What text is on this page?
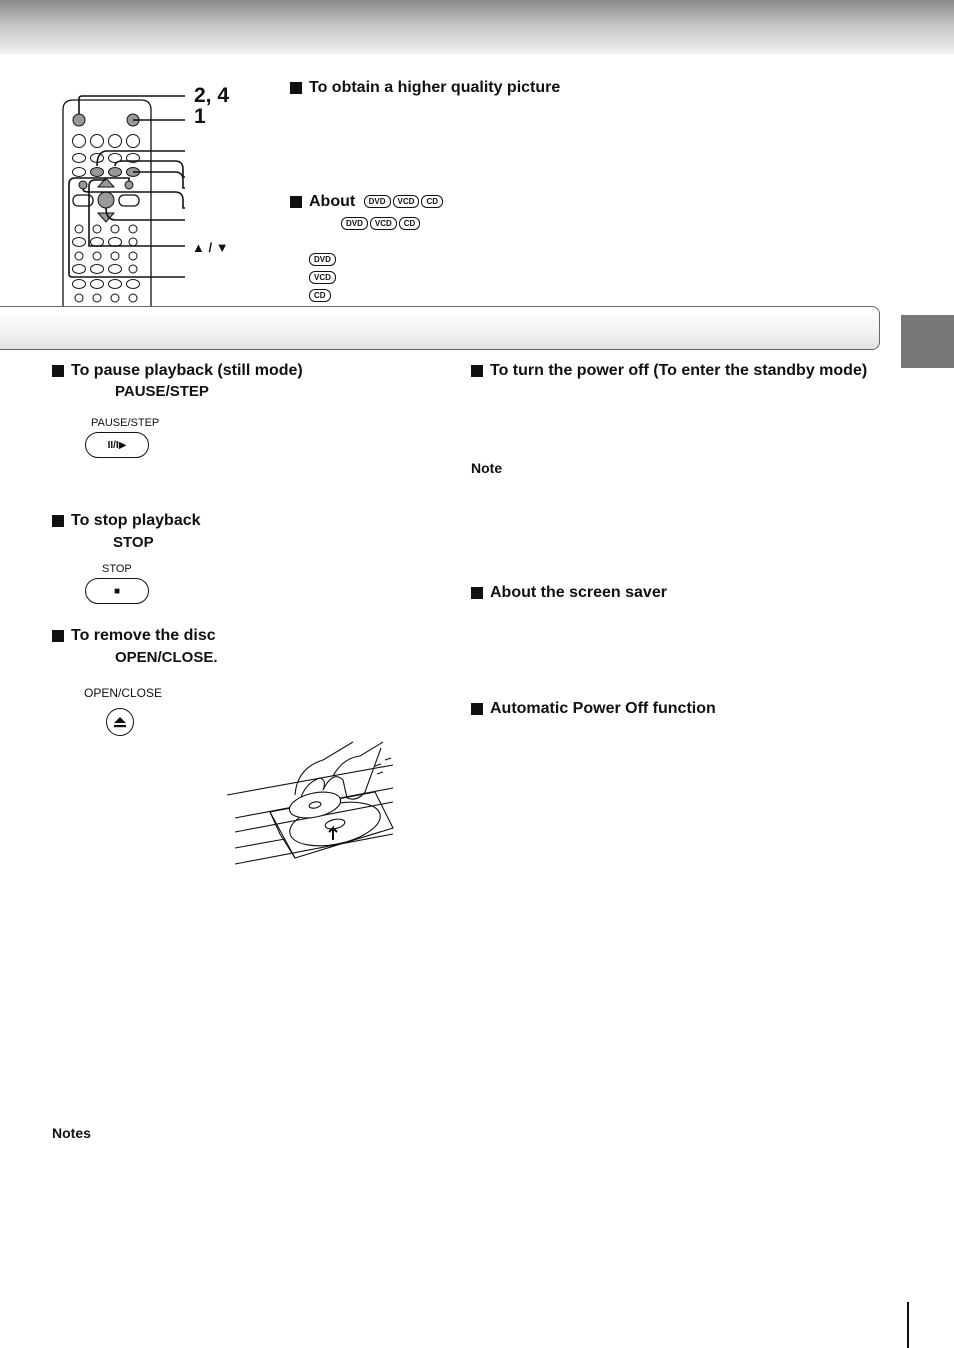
2, 4
1
▲ / ▼
To obtain a higher quality picture
About DVD VCD CD
DVD VCD CD
DVD
VCD
CD
To pause playback (still mode)
PAUSE/STEP
PAUSE/STEP
II/I▶
To stop playback
STOP
STOP
■
To remove the disc
OPEN/CLOSE.
OPEN/CLOSE
Notes
To turn the power off (To enter the standby mode)
Note
About the screen saver
Automatic Power Off function
